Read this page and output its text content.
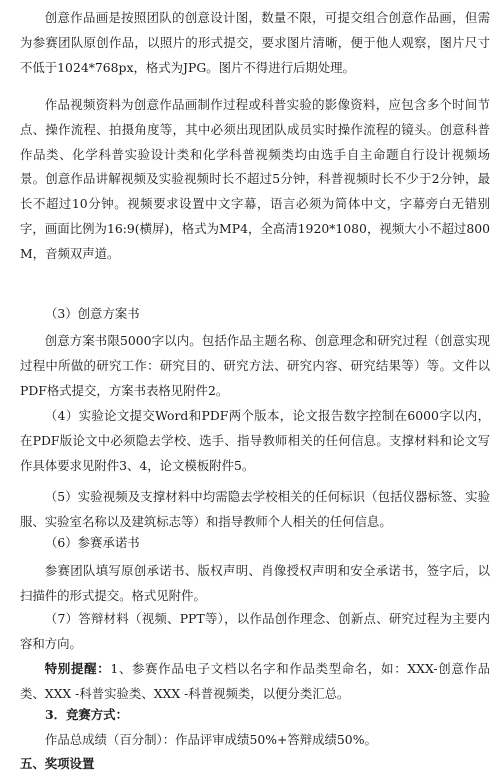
创意作品画是按照团队的创意设计图，数量不限，可提交组合创意作品画，但需为参赛团队原创作品，以照片的形式提交，要求图片清晰，便于他人观察，图片尺寸不低于1024*768px，格式为JPG。图片不得进行后期处理。

作品视频资料为创意作品画制作过程或科普实验的影像资料，应包含多个时间节点、操作流程、拍摄角度等，其中必须出现团队成员实时操作流程的镜头。创意科普作品类、化学科普实验设计类和化学科普视频类均由选手自主命题自行设计视频场景。创意作品讲解视频及实验视频时长不超过5分钟，科普视频时长不少于2分钟，最长不超过10分钟。视频要求设置中文字幕，语言必须为简体中文，字幕旁白无错别字，画面比例为16:9(横屏)，格式为MP4，全高清1920*1080，视频大小不超过800 M，音频双声道。

（3）创意方案书

创意方案书限5000字以内。包括作品主题名称、创意理念和研究过程（创意实现过程中所做的研究工作：研究目的、研究方法、研究内容、研究结果等）等。文件以PDF格式提交，方案书表格见附件2。

（4）实验论文提交Word和PDF两个版本，论文报告数字控制在6000字以内，在PDF版论文中必须隐去学校、选手、指导教师相关的任何信息。支撑材料和论文写作具体要求见附件3、4，论文模板附件5。

（5）实验视频及支撑材料中均需隐去学校相关的任何标识（包括仪器标签、实验服、实验室名称以及建筑标志等）和指导教师个人相关的任何信息。

（6）参赛承诺书

参赛团队填写原创承诺书、版权声明、肖像授权声明和安全承诺书，签字后，以扫描件的形式提交。格式见附件。

（7）答辩材料（视频、PPT等），以作品创作理念、创新点、研究过程为主要内容和方向。

特别提醒：1、参赛作品电子文档以名字和作品类型命名，如：XXX-创意作品类、XXX -科普实验类、XXX -科普视频类，以便分类汇总。

3．竞赛方式：

作品总成绩（百分制）：作品评审成绩50%+答辩成绩50%。

五、奖项设置
